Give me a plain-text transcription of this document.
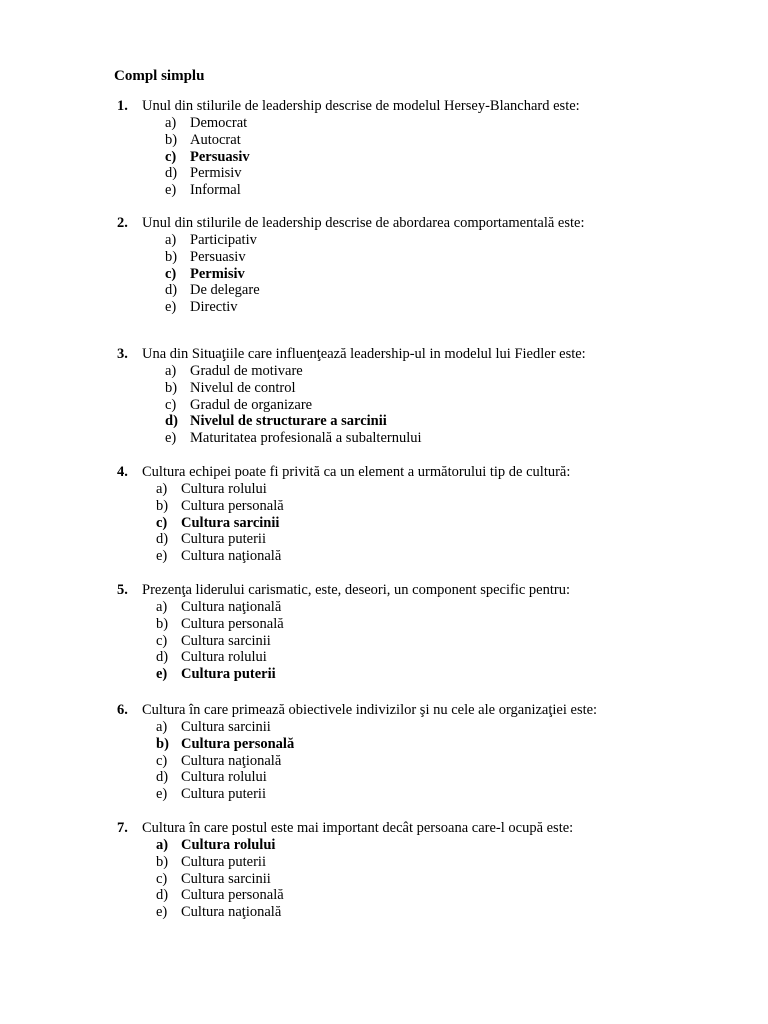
Compl simplu
1. Unul din stilurile de leadership descrise de modelul Hersey-Blanchard este:
a) Democrat
b) Autocrat
c) Persuasiv
d) Permisiv
e) Informal
2. Unul din stilurile de leadership descrise de abordarea comportamentală este:
a) Participativ
b) Persuasiv
c) Permisiv
d) De delegare
e) Directiv
3. Una din Situaţiile care influenţează leadership-ul in modelul lui Fiedler este:
a) Gradul de motivare
b) Nivelul de control
c) Gradul de organizare
d) Nivelul de structurare a sarcinii
e) Maturitatea profesională a subalternului
4. Cultura echipei poate fi privită ca un element a următorului tip de cultură:
a) Cultura rolului
b) Cultura personală
c) Cultura sarcinii
d) Cultura puterii
e) Cultura naţională
5. Prezenţa liderului carismatic, este, deseori, un component specific pentru:
a) Cultura naţională
b) Cultura personală
c) Cultura sarcinii
d) Cultura rolului
e) Cultura puterii
6. Cultura în care primează obiectivele indivizilor şi nu cele ale organizaţiei este:
a) Cultura sarcinii
b) Cultura personală
c) Cultura naţională
d) Cultura rolului
e) Cultura puterii
7. Cultura în care postul este mai important decât persoana care-l ocupă este:
a) Cultura rolului
b) Cultura puterii
c) Cultura sarcinii
d) Cultura personală
e) Cultura naţională
